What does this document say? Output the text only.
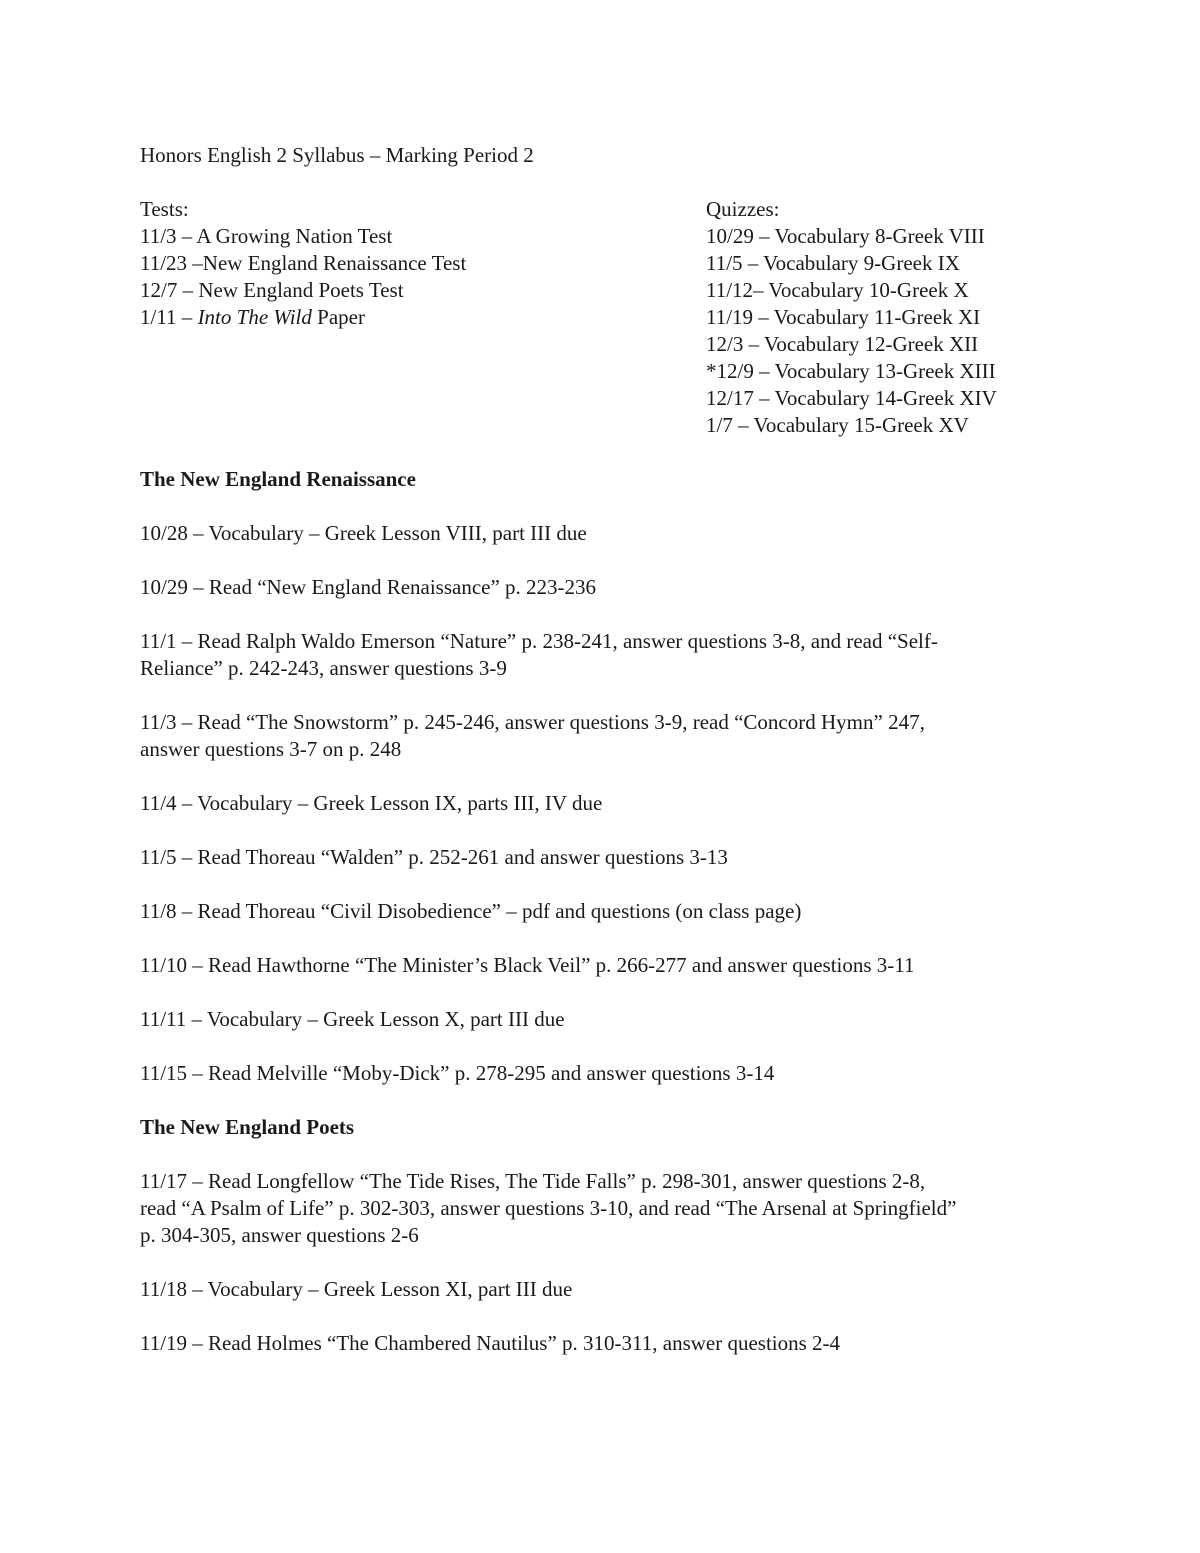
Honors English 2 Syllabus – Marking Period 2
Tests:
11/3 – A Growing Nation Test
11/23 –New England Renaissance Test
12/7 – New England Poets Test
1/11 – Into The Wild Paper
Quizzes:
10/29 – Vocabulary 8-Greek VIII
11/5 – Vocabulary 9-Greek IX
11/12– Vocabulary 10-Greek X
11/19 – Vocabulary 11-Greek XI
12/3 – Vocabulary 12-Greek XII
*12/9 – Vocabulary 13-Greek XIII
12/17 – Vocabulary 14-Greek XIV
1/7 – Vocabulary 15-Greek XV
The New England Renaissance
10/28 – Vocabulary – Greek Lesson VIII, part III due
10/29 – Read “New England Renaissance” p. 223-236
11/1 – Read Ralph Waldo Emerson “Nature” p. 238-241, answer questions 3-8, and read “Self-
Reliance” p. 242-243, answer questions 3-9
11/3 – Read “The Snowstorm” p. 245-246, answer questions 3-9, read “Concord Hymn” 247,
answer questions 3-7 on p. 248
11/4 – Vocabulary – Greek Lesson IX, parts III, IV due
11/5 – Read Thoreau “Walden” p. 252-261 and answer questions 3-13
11/8 – Read Thoreau “Civil Disobedience” – pdf and questions (on class page)
11/10 – Read Hawthorne “The Minister’s Black Veil” p. 266-277 and answer questions 3-11
11/11 – Vocabulary – Greek Lesson X, part III due
11/15 – Read Melville “Moby-Dick” p. 278-295 and answer questions 3-14
The New England Poets
11/17 – Read Longfellow “The Tide Rises, The Tide Falls” p. 298-301, answer questions 2-8,
read “A Psalm of Life” p. 302-303, answer questions 3-10, and read “The Arsenal at Springfield”
p. 304-305, answer questions 2-6
11/18 – Vocabulary – Greek Lesson XI, part III due
11/19 – Read Holmes “The Chambered Nautilus” p. 310-311, answer questions 2-4
